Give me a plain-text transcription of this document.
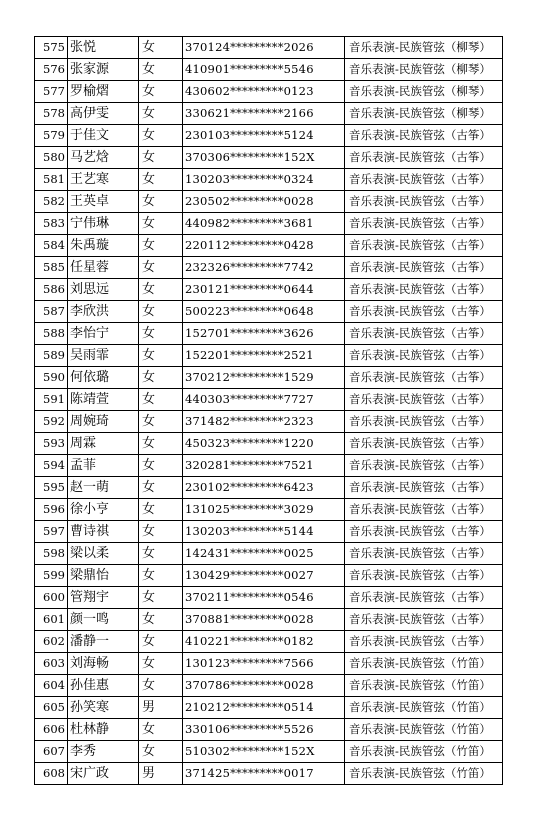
575	张悦	女	370124*********2026	音乐表演-民族管弦（柳琴）
576	张家源	女	410901*********5546	音乐表演-民族管弦（柳琴）
577	罗榆熠	女	430602*********0123	音乐表演-民族管弦（柳琴）
578	高伊雯	女	330621*********2166	音乐表演-民族管弦（柳琴）
579	于佳文	女	230103*********5124	音乐表演-民族管弦（古筝）
580	马艺焓	女	370306*********152X	音乐表演-民族管弦（古筝）
581	王艺寒	女	130203*********0324	音乐表演-民族管弦（古筝）
582	王英卓	女	230502*********0028	音乐表演-民族管弦（古筝）
583	宁伟琳	女	440982*********3681	音乐表演-民族管弦（古筝）
584	朱禹璇	女	220112*********0428	音乐表演-民族管弦（古筝）
585	任星蓉	女	232326*********7742	音乐表演-民族管弦（古筝）
586	刘思远	女	230121*********0644	音乐表演-民族管弦（古筝）
587	李欣洪	女	500223*********0648	音乐表演-民族管弦（古筝）
588	李怡宁	女	152701*********3626	音乐表演-民族管弦（古筝）
589	吴雨霏	女	152201*********2521	音乐表演-民族管弦（古筝）
590	何依璐	女	370212*********1529	音乐表演-民族管弦（古筝）
591	陈靖萱	女	440303*********7727	音乐表演-民族管弦（古筝）
592	周婉琦	女	371482*********2323	音乐表演-民族管弦（古筝）
593	周霖	女	450323*********1220	音乐表演-民族管弦（古筝）
594	孟菲	女	320281*********7521	音乐表演-民族管弦（古筝）
595	赵一萌	女	230102*********6423	音乐表演-民族管弦（古筝）
596	徐小亨	女	131025*********3029	音乐表演-民族管弦（古筝）
597	曹诗祺	女	130203*********5144	音乐表演-民族管弦（古筝）
598	梁以柔	女	142431*********0025	音乐表演-民族管弦（古筝）
599	梁鼎怡	女	130429*********0027	音乐表演-民族管弦（古筝）
600	管翔宇	女	370211*********0546	音乐表演-民族管弦（古筝）
601	颜一鸣	女	370881*********0028	音乐表演-民族管弦（古筝）
602	潘静一	女	410221*********0182	音乐表演-民族管弦（古筝）
603	刘海畅	女	130123*********7566	音乐表演-民族管弦（竹笛）
604	孙佳惠	女	370786*********0028	音乐表演-民族管弦（竹笛）
605	孙笑寒	男	210212*********0514	音乐表演-民族管弦（竹笛）
606	杜林静	女	330106*********5526	音乐表演-民族管弦（竹笛）
607	李秀	女	510302*********152X	音乐表演-民族管弦（竹笛）
608	宋广政	男	371425*********0017	音乐表演-民族管弦（竹笛）
